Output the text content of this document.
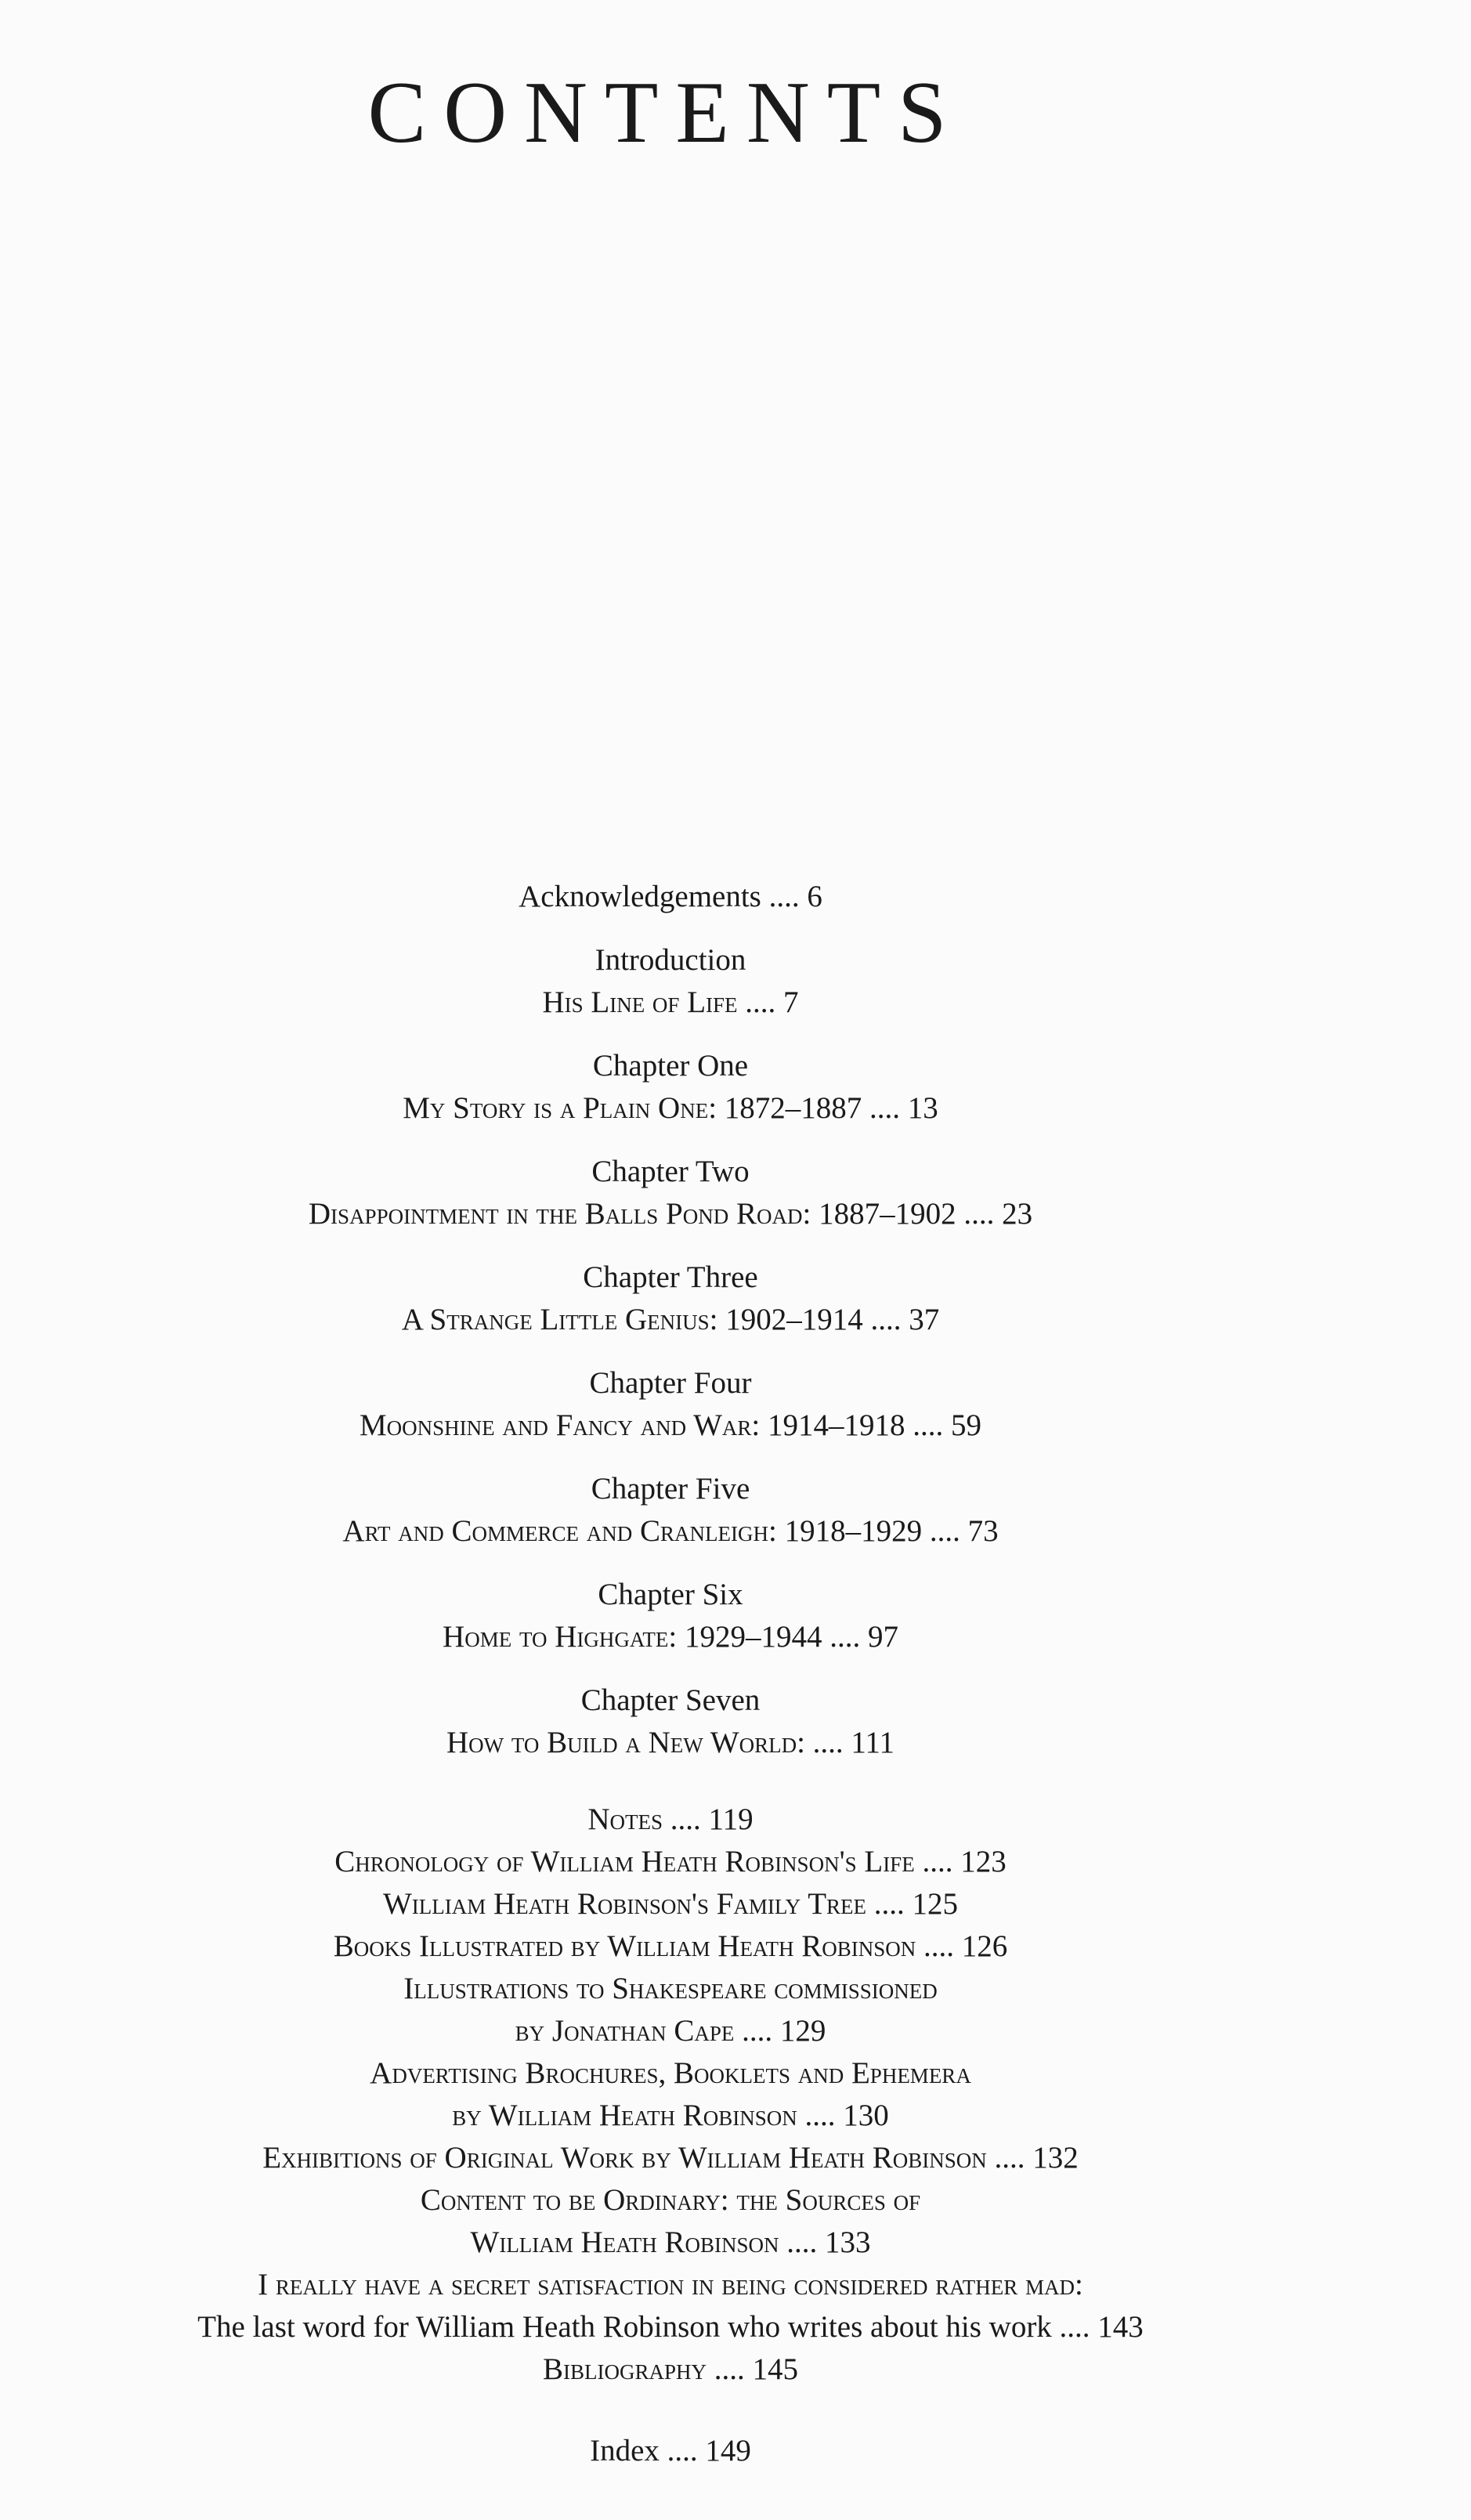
CONTENTS

Acknowledgements .... 6

Introduction

His Line of Life .... 7

Chapter One

My Story is a Plain One: 1872–1887 .... 13

Chapter Two

Disappointment in the Balls Pond Road: 1887–1902 .... 23

Chapter Three

A Strange Little Genius: 1902–1914 .... 37

Chapter Four

Moonshine and Fancy and War: 1914–1918 .... 59

Chapter Five

Art and Commerce and Cranleigh: 1918–1929 .... 73

Chapter Six

Home to Highgate: 1929–1944 .... 97

Chapter Seven

How to Build a New World: .... 111

Notes .... 119

Chronology of William Heath Robinson's Life .... 123

William Heath Robinson's Family Tree .... 125

Books Illustrated by William Heath Robinson .... 126

Illustrations to Shakespeare commissioned

by Jonathan Cape .... 129

Advertising Brochures, Booklets and Ephemera

by William Heath Robinson .... 130

Exhibitions of Original Work by William Heath Robinson .... 132

Content to be Ordinary: the Sources of

William Heath Robinson .... 133

I really have a secret satisfaction in being considered rather mad:

The last word for William Heath Robinson who writes about his work .... 143

Bibliography .... 145

Index .... 149
